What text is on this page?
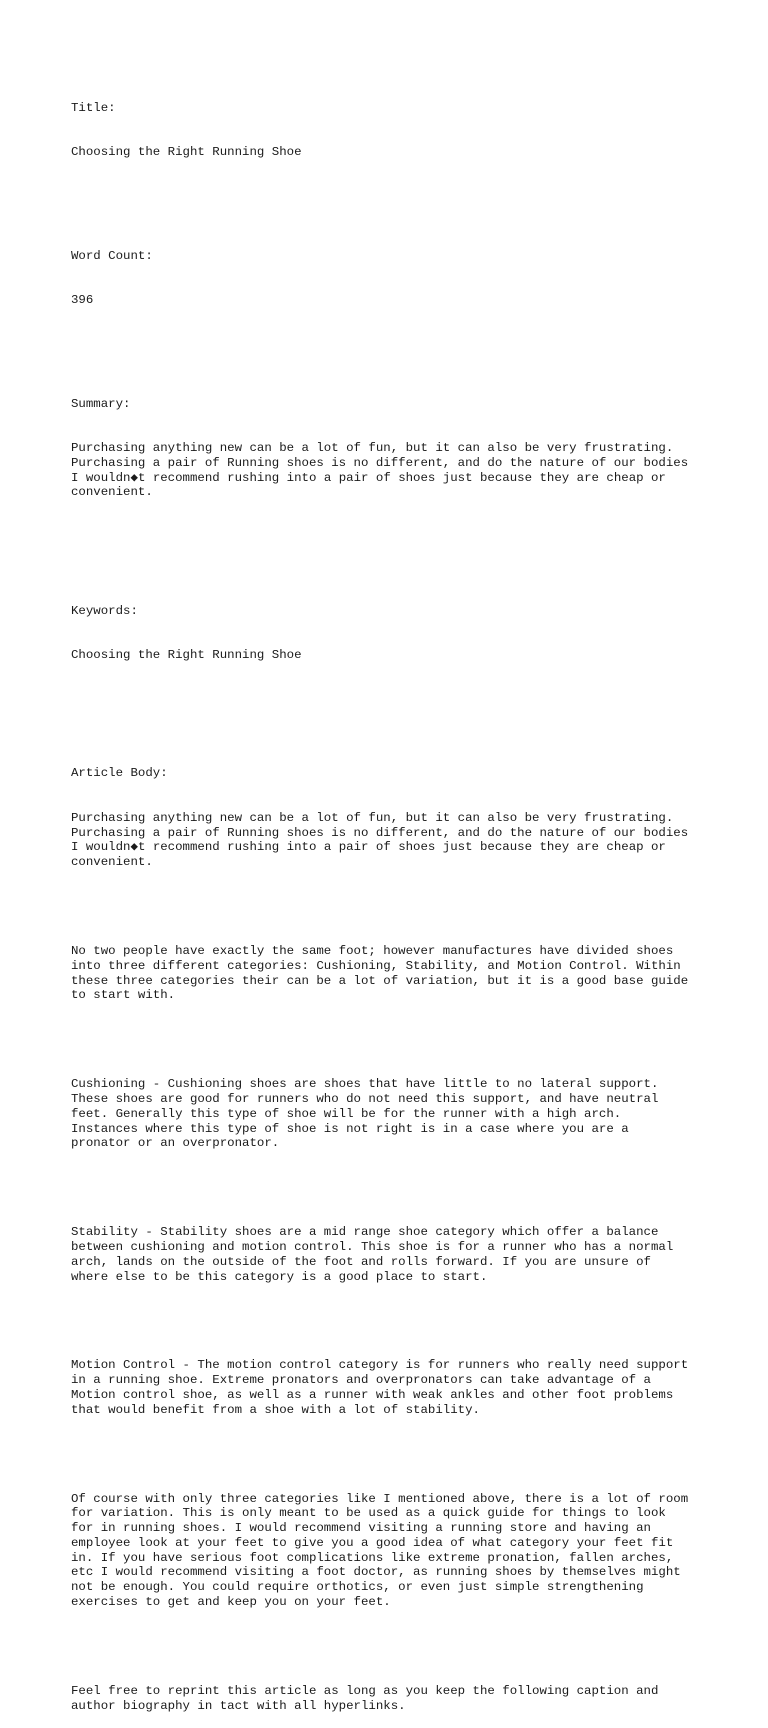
Title:

Choosing the Right Running Shoe

Word Count:

396

Summary:

Purchasing anything new can be a lot of fun, but it can also be very frustrating.
Purchasing a pair of Running shoes is no different, and do the nature of our bodies
I wouldn◆t recommend rushing into a pair of shoes just because they are cheap or
convenient.

Keywords:

Choosing the Right Running Shoe

Article Body:

Purchasing anything new can be a lot of fun, but it can also be very frustrating.
Purchasing a pair of Running shoes is no different, and do the nature of our bodies
I wouldn◆t recommend rushing into a pair of shoes just because they are cheap or
convenient.

No two people have exactly the same foot; however manufactures have divided shoes
into three different categories: Cushioning, Stability, and Motion Control. Within
these three categories their can be a lot of variation, but it is a good base guide
to start with.

Cushioning - Cushioning shoes are shoes that have little to no lateral support.
These shoes are good for runners who do not need this support, and have neutral
feet. Generally this type of shoe will be for the runner with a high arch.
Instances where this type of shoe is not right is in a case where you are a
pronator or an overpronator.

Stability - Stability shoes are a mid range shoe category which offer a balance
between cushioning and motion control. This shoe is for a runner who has a normal
arch, lands on the outside of the foot and rolls forward. If you are unsure of
where else to be this category is a good place to start.

Motion Control - The motion control category is for runners who really need support
in a running shoe. Extreme pronators and overpronators can take advantage of a
Motion control shoe, as well as a runner with weak ankles and other foot problems
that would benefit from a shoe with a lot of stability.

Of course with only three categories like I mentioned above, there is a lot of room
for variation. This is only meant to be used as a quick guide for things to look
for in running shoes. I would recommend visiting a running store and having an
employee look at your feet to give you a good idea of what category your feet fit
in. If you have serious foot complications like extreme pronation, fallen arches,
etc I would recommend visiting a foot doctor, as running shoes by themselves might
not be enough. You could require orthotics, or even just simple strengthening
exercises to get and keep you on your feet.

Feel free to reprint this article as long as you keep the following caption and
author biography in tact with all hyperlinks.
